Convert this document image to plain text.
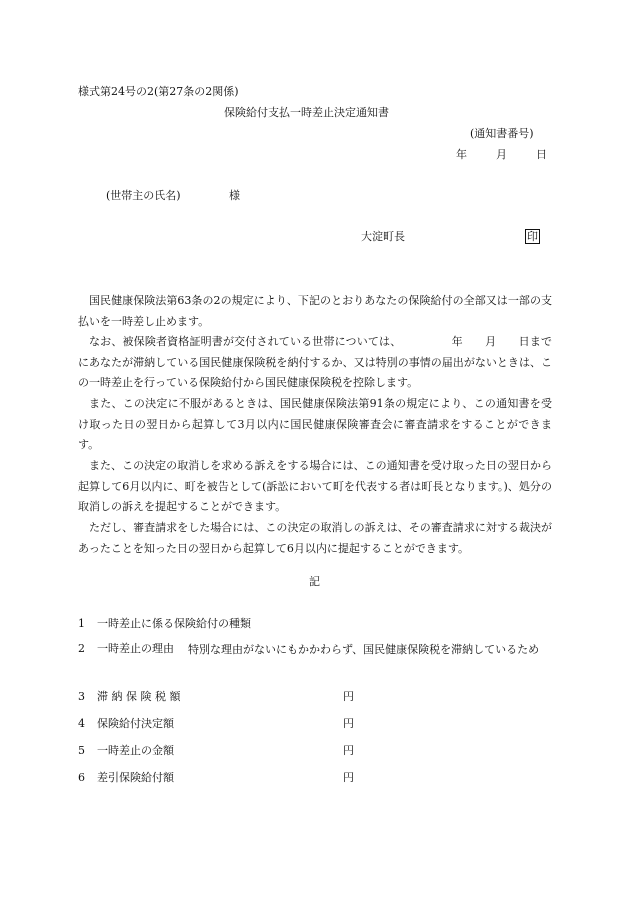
様式第24号の2(第27条の2関係)
保険給付支払一時差止決定通知書
(通知書番号)
年	月	日
(世帯主の氏名)	様
大淀町長	印
国民健康保険法第63条の2の規定により、下記のとおりあなたの保険給付の全部又は一部の支払いを一時差し止めます。
なお、被保険者資格証明書が交付されている世帯については、　　　　　年　　月　　日までにあなたが滞納している国民健康保険税を納付するか、又は特別の事情の届出がないときは、この一時差止を行っている保険給付から国民健康保険税を控除します。
また、この決定に不服があるときは、国民健康保険法第91条の規定により、この通知書を受け取った日の翌日から起算して3月以内に国民健康保険審査会に審査請求をすることができます。
また、この決定の取消しを求める訴えをする場合には、この通知書を受け取った日の翌日から起算して6月以内に、町を被告として(訴訟において町を代表する者は町長となります。)、処分の取消しの訴えを提起することができます。
ただし、審査請求をした場合には、この決定の取消しの訴えは、その審査請求に対する裁決があったことを知った日の翌日から起算して6月以内に提起することができます。
記
1 一時差止に係る保険給付の種類
2 一時差止の理由	特別な理由がないにもかかわらず、国民健康保険税を滞納しているため
3 滞 納 保 険 税 額	円
4 保険給付決定額	円
5 一時差止の金額	円
6 差引保険給付額	円
